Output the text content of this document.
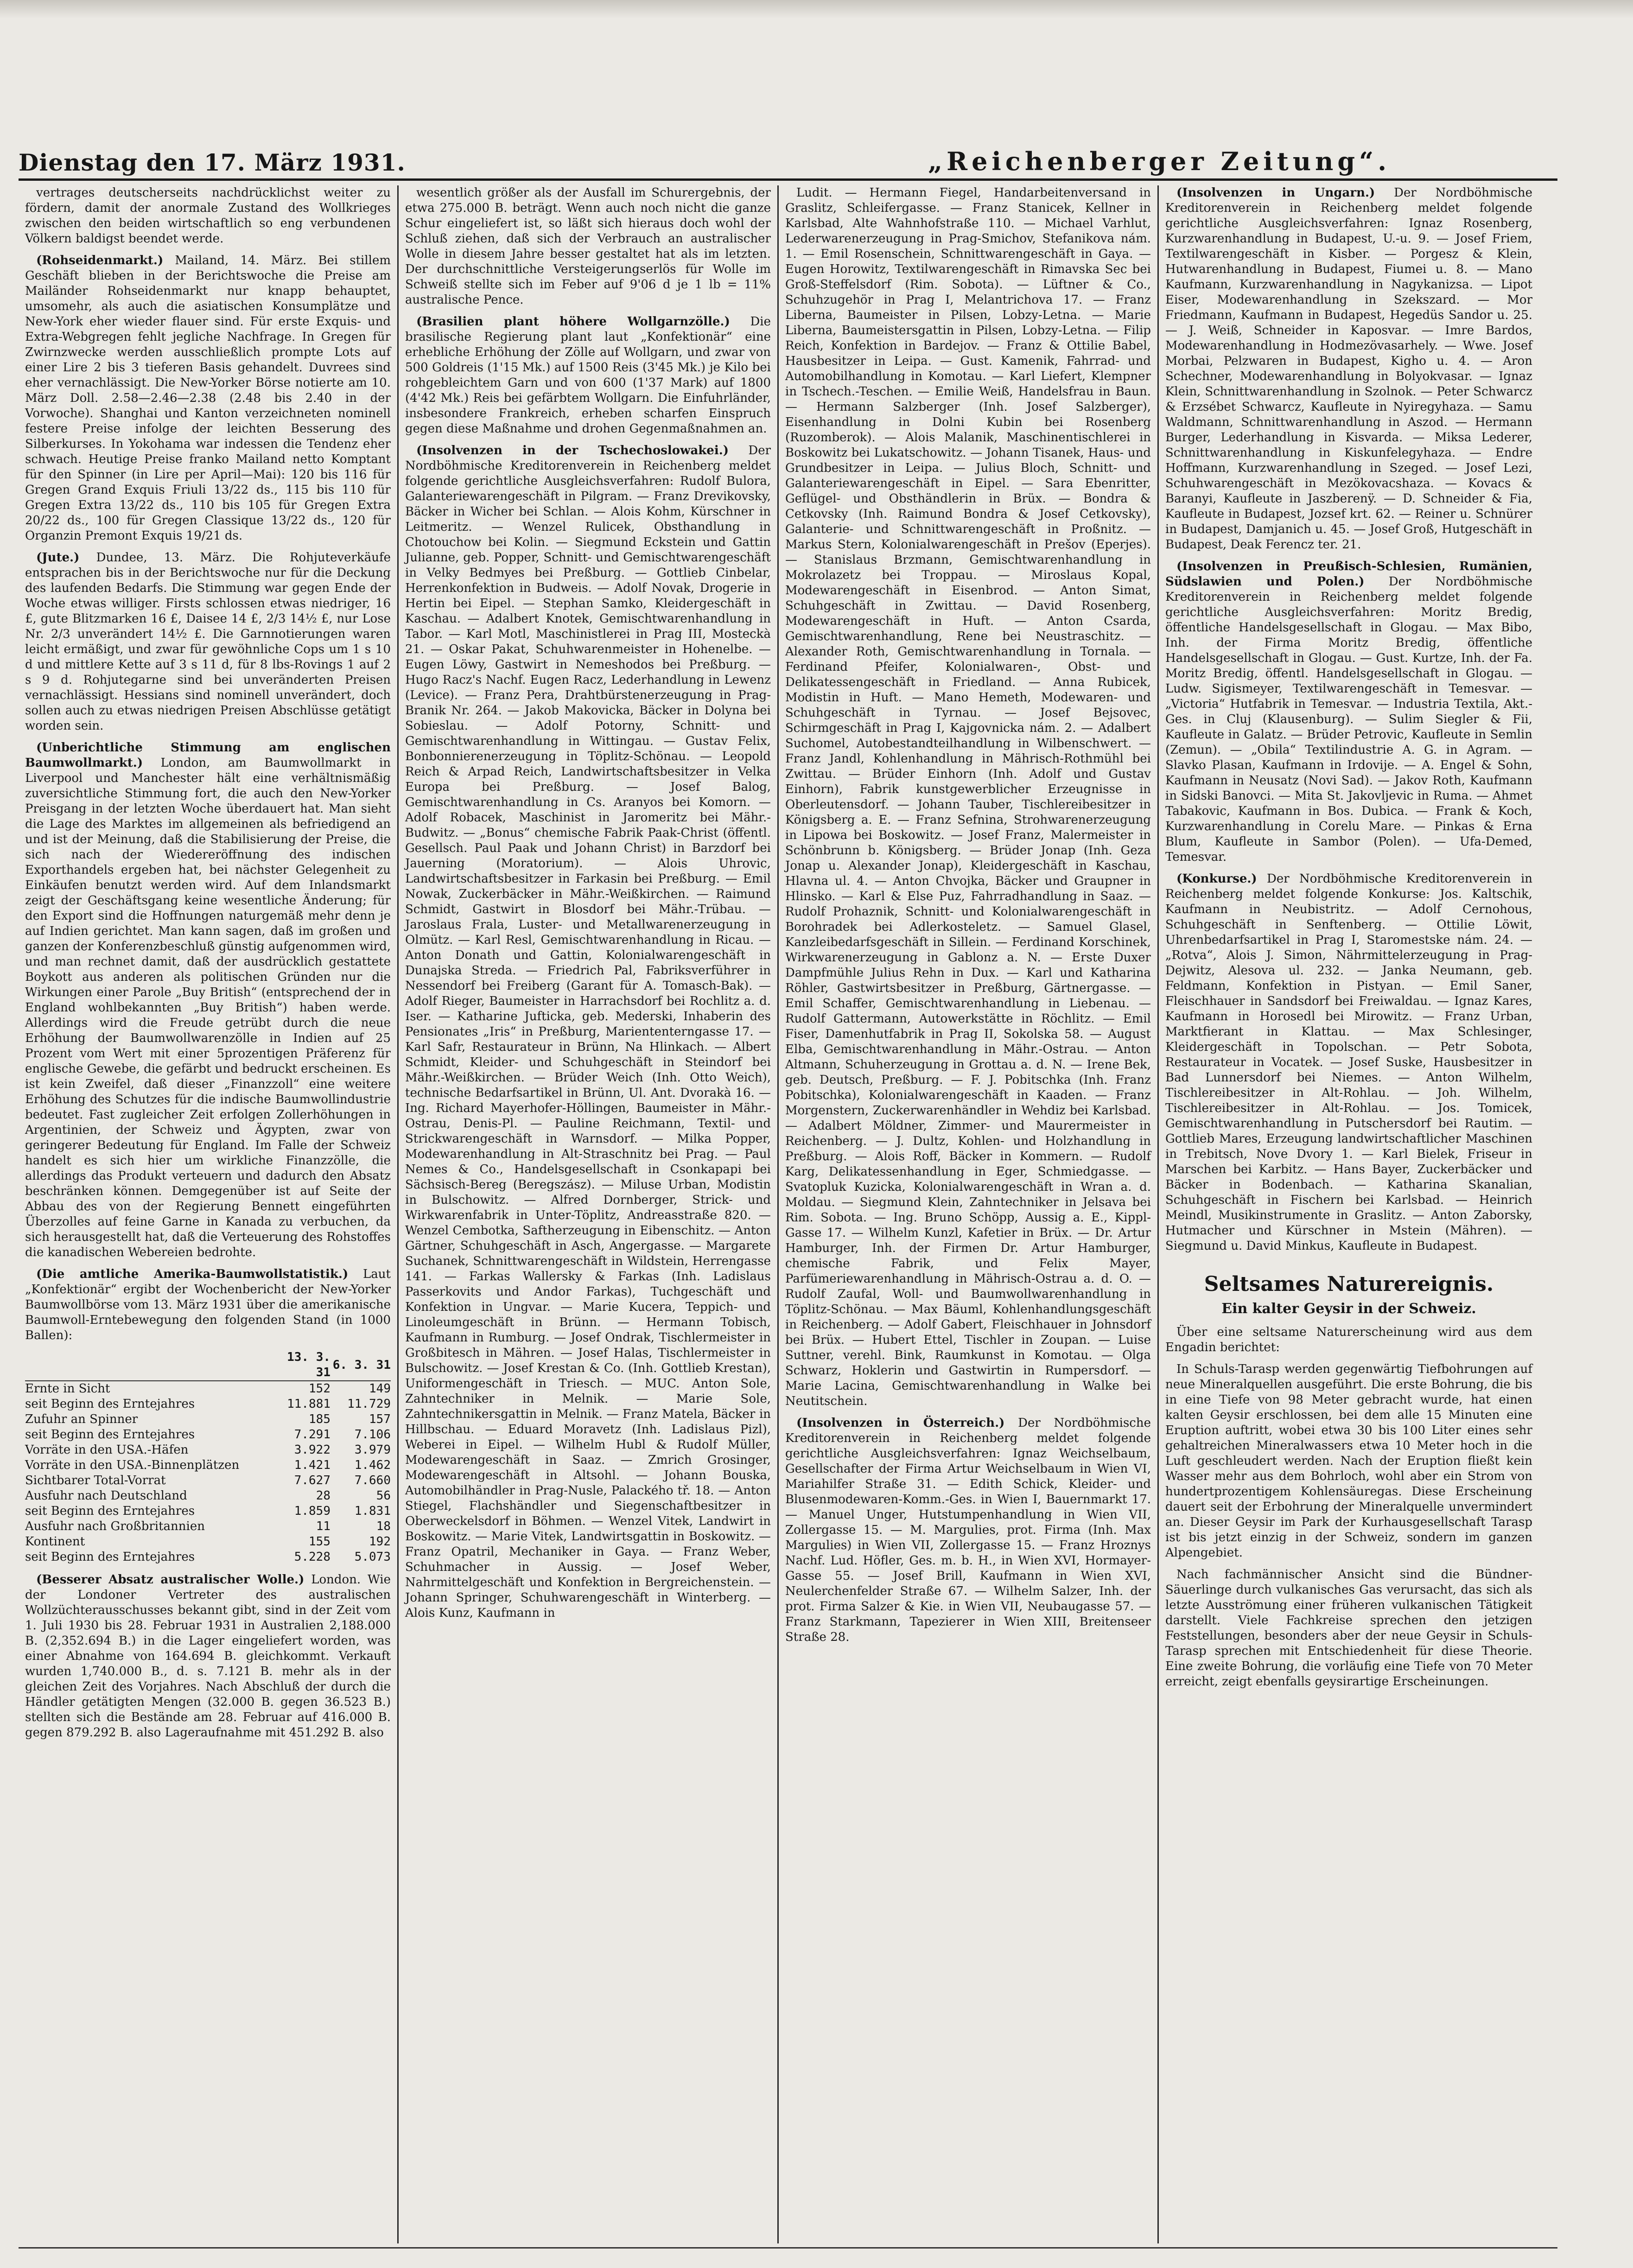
Dienstag den 17. März 1931.	„Reichenberger Zeitung“.

vertrages deutscherseits nachdrücklichst weiter zu fördern, damit der anormale Zustand des Wollkrieges zwischen den beiden wirtschaftlich so eng verbundenen Völkern baldigst beendet werde.

(Rohseidenmarkt.) Mailand, 14. März. Bei stillem Geschäft blieben in der Berichtswoche die Preise am Mailänder Rohseidenmarkt nur knapp behauptet, umsomehr, als auch die asiatischen Konsumplätze und New-York eher wieder flauer sind. Für erste Exquis- und Extra-Webgregen fehlt jegliche Nachfrage. In Gregen für Zwirnzwecke werden ausschließlich prompte Lots auf einer Lire 2 bis 3 tieferen Basis gehandelt. Duvrees sind eher vernachlässigt. Die New-Yorker Börse notierte am 10. März Doll. 2.58—2.46—2.38 (2.48 bis 2.40 in der Vorwoche). Shanghai und Kanton verzeichneten nominell festere Preise infolge der leichten Besserung des Silberkurses. In Yokohama war indessen die Tendenz eher schwach. Heutige Preise franko Mailand netto Komptant für den Spinner (in Lire per April—Mai): 120 bis 116 für Gregen Grand Exquis Friuli 13/22 ds., 115 bis 110 für Gregen Extra 13/22 ds., 110 bis 105 für Gregen Extra 20/22 ds., 100 für Gregen Classique 13/22 ds., 120 für Organzin Premont Exquis 19/21 ds.

(Jute.) Dundee, 13. März. Die Rohjuteverkäufe entsprachen bis in der Berichtswoche nur für die Deckung des laufenden Bedarfs. Die Stimmung war gegen Ende der Woche etwas williger. Firsts schlossen etwas niedriger, 16 £, gute Blitzmarken 16 £, Daisee 14 £, 2/3 14½ £, nur Lose Nr. 2/3 unverändert 14½ £. Die Garnnotierungen waren leicht ermäßigt, und zwar für gewöhnliche Cops um 1 s 10 d und mittlere Kette auf 3 s 11 d, für 8 lbs-Rovings 1 auf 2 s 9 d. Rohjutegarne sind bei unveränderten Preisen vernachlässigt. Hessians sind nominell unverändert, doch sollen auch zu etwas niedrigen Preisen Abschlüsse getätigt worden sein.

(Unberichtliche Stimmung am englischen Baumwollmarkt.) London, am Baumwollmarkt in Liverpool und Manchester hält eine verhältnismäßig zuversichtliche Stimmung fort, die auch den New-Yorker Preisgang in der letzten Woche überdauert hat. Man sieht die Lage des Marktes im allgemeinen als befriedigend an und ist der Meinung, daß die Stabilisierung der Preise, die sich nach der Wiedereröffnung des indischen Exporthandels ergeben hat, bei nächster Gelegenheit zu Einkäufen benutzt werden wird. Auf dem Inlandsmarkt zeigt der Geschäftsgang keine wesentliche Änderung; für den Export sind die Hoffnungen naturgemäß mehr denn je auf Indien gerichtet. Man kann sagen, daß im großen und ganzen der Konferenzbeschluß günstig aufgenommen wird, und man rechnet damit, daß der ausdrücklich gestattete Boykott aus anderen als politischen Gründen nur die Wirkungen einer Parole „Buy British“ (entsprechend der in England wohlbekannten „Buy British“) haben werde. Allerdings wird die Freude getrübt durch die neue Erhöhung der Baumwollwarenzölle in Indien auf 25 Prozent vom Wert mit einer 5prozentigen Präferenz für englische Gewebe, die gefärbt und bedruckt erscheinen. Es ist kein Zweifel, daß dieser „Finanzzoll“ eine weitere Erhöhung des Schutzes für die indische Baumwollindustrie bedeutet. Fast zugleicher Zeit erfolgen Zollerhöhungen in Argentinien, der Schweiz und Ägypten, zwar von geringerer Bedeutung für England. Im Falle der Schweiz handelt es sich hier um wirkliche Finanzzölle, die allerdings das Produkt verteuern und dadurch den Absatz beschränken können. Demgegenüber ist auf Seite der Abbau des von der Regierung Bennett eingeführten Überzolles auf feine Garne in Kanada zu verbuchen, da sich herausgestellt hat, daß die Verteuerung des Rohstoffes die kanadischen Webereien bedrohte.

(Die amtliche Amerika-Baumwollstatistik.) Laut „Konfektionär“ ergibt der Wochenbericht der New-Yorker Baumwollbörse vom 13. März 1931 über die amerikanische Baumwoll-Erntebewegung den folgenden Stand (in 1000 Ballen):

	13. 3. 31	6. 3. 31
Ernte in Sicht	152	149
seit Beginn des Erntejahres	11.881	11.729
Zufuhr an Spinner	185	157
seit Beginn des Erntejahres	7.291	7.106
Vorräte in den USA.-Häfen	3.922	3.979
Vorräte in den USA.-Binnenplätzen	1.421	1.462
Sichtbarer Total-Vorrat	7.627	7.660
Ausfuhr nach Deutschland	28	56
seit Beginn des Erntejahres	1.859	1.831
Ausfuhr nach Großbritannien	11	18
Kontinent	155	192
seit Beginn des Erntejahres	5.228	5.073

(Besserer Absatz australischer Wolle.) London. Wie der Londoner Vertreter des australischen Wollzüchterausschusses bekannt gibt, sind in der Zeit vom 1. Juli 1930 bis 28. Februar 1931 in Australien 2,188.000 B. (2,352.694 B.) in die Lager eingeliefert worden, was einer Abnahme von 164.694 B. gleichkommt. Verkauft wurden 1,740.000 B., d. s. 7.121 B. mehr als in der gleichen Zeit des Vorjahres. Nach Abschluß der durch die Händler getätigten Mengen (32.000 B. gegen 36.523 B.) stellten sich die Bestände am 28. Februar auf 416.000 B. gegen 879.292 B. also Lageraufnahme mit 451.292 B. also

wesentlich größer als der Ausfall im Schurergebnis, der etwa 275.000 B. beträgt. Wenn auch noch nicht die ganze Schur eingeliefert ist, so läßt sich hieraus doch wohl der Schluß ziehen, daß sich der Verbrauch an australischer Wolle in diesem Jahre besser gestaltet hat als im letzten. Der durchschnittliche Versteigerungserlös für Wolle im Schweiß stellte sich im Feber auf 9'06 d je 1 lb = 11% australische Pence.

(Brasilien plant höhere Wollgarnzölle.) Die brasilische Regierung plant laut „Konfektionär“ eine erhebliche Erhöhung der Zölle auf Wollgarn, und zwar von 500 Goldreis (1'15 Mk.) auf 1500 Reis (3'45 Mk.) je Kilo bei rohgebleichtem Garn und von 600 (1'37 Mark) auf 1800 (4'42 Mk.) Reis bei gefärbtem Wollgarn. Die Einfuhrländer, insbesondere Frankreich, erheben scharfen Einspruch gegen diese Maßnahme und drohen Gegenmaßnahmen an.

(Insolvenzen in der Tschechoslowakei.) Der Nordböhmische Kreditorenverein in Reichenberg meldet folgende gerichtliche Ausgleichsverfahren: Rudolf Bulora, Galanteriewarengeschäft in Pilgram. — Franz Drevikovsky, Bäcker in Wicher bei Schlan. — Alois Kohm, Kürschner in Leitmeritz. — Wenzel Rulicek, Obsthandlung in Chotouchow bei Kolin. — Siegmund Eckstein und Gattin Julianne, geb. Popper, Schnitt- und Gemischtwarengeschäft in Velky Bedmyes bei Preßburg. — Gottlieb Cinbelar, Herrenkonfektion in Budweis. — Adolf Novak, Drogerie in Hertin bei Eipel. — Stephan Samko, Kleidergeschäft in Kaschau. — Adalbert Knotek, Gemischtwarenhandlung in Tabor. — Karl Motl, Maschinistlerei in Prag III, Mosteckà 21. — Oskar Pakat, Schuhwarenmeister in Hohenelbe. — Eugen Löwy, Gastwirt in Nemeshodos bei Preßburg. — Hugo Racz's Nachf. Eugen Racz, Lederhandlung in Lewenz (Levice). — Franz Pera, Drahtbürstenerzeugung in Prag-Branik Nr. 264. — Jakob Makovicka, Bäcker in Dolyna bei Sobieslau. — Adolf Potorny, Schnitt- und Gemischtwarenhandlung in Wittingau. — Gustav Felix, Bonbonnierenerzeugung in Töplitz-Schönau. — Leopold Reich & Arpad Reich, Landwirtschaftsbesitzer in Velka Europa bei Preßburg. — Josef Balog, Gemischtwarenhandlung in Cs. Aranyos bei Komorn. — Adolf Robacek, Maschinist in Jaromeritz bei Mähr.-Budwitz. — „Bonus“ chemische Fabrik Paak-Christ (öffentl. Gesellsch. Paul Paak und Johann Christ) in Barzdorf bei Jauerning (Moratorium). — Alois Uhrovic, Landwirtschaftsbesitzer in Farkasin bei Preßburg. — Emil Nowak, Zuckerbäcker in Mähr.-Weißkirchen. — Raimund Schmidt, Gastwirt in Blosdorf bei Mähr.-Trübau. — Jaroslaus Frala, Luster- und Metallwarenerzeugung in Olmütz. — Karl Resl, Gemischtwarenhandlung in Ricau. — Anton Donath und Gattin, Kolonialwarengeschäft in Dunajska Streda. — Friedrich Pal, Fabriksverführer in Nessendorf bei Freiberg (Garant für A. Tomasch-Bak). — Adolf Rieger, Baumeister in Harrachsdorf bei Rochlitz a. d. Iser. — Katharine Jufticka, geb. Mederski, Inhaberin des Pensionates „Iris“ in Preßburg, Mariententerngasse 17. — Karl Safr, Restaurateur in Brünn, Na Hlinkach. — Albert Schmidt, Kleider- und Schuhgeschäft in Steindorf bei Mähr.-Weißkirchen. — Brüder Weich (Inh. Otto Weich), technische Bedarfsartikel in Brünn, Ul. Ant. Dvorakà 16. — Ing. Richard Mayerhofer-Höllingen, Baumeister in Mähr.-Ostrau, Denis-Pl. — Pauline Reichmann, Textil- und Strickwarengeschäft in Warnsdorf. — Milka Popper, Modewarenhandlung in Alt-Straschnitz bei Prag. — Paul Nemes & Co., Handelsgesellschaft in Csonkapapi bei Sächsisch-Bereg (Beregszász). — Miluse Urban, Modistin in Bulschowitz. — Alfred Dornberger, Strick- und Wirkwarenfabrik in Unter-Töplitz, Andreasstraße 820. — Wenzel Cembotka, Saftherzeugung in Eibenschitz. — Anton Gärtner, Schuhgeschäft in Asch, Angergasse. — Margarete Suchanek, Schnittwarengeschäft in Wildstein, Herrengasse 141. — Farkas Wallersky & Farkas (Inh. Ladislaus Passerkovits und Andor Farkas), Tuchgeschäft und Konfektion in Ungvar. — Marie Kucera, Teppich- und Linoleumgeschäft in Brünn. — Hermann Tobisch, Kaufmann in Rumburg. — Josef Ondrak, Tischlermeister in Großbitesch in Mähren. — Josef Halas, Tischlermeister in Bulschowitz. — Josef Krestan & Co. (Inh. Gottlieb Krestan), Uniformengeschäft in Triesch. — MUC. Anton Sole, Zahntechniker in Melnik. — Marie Sole, Zahntechnikersgattin in Melnik. — Franz Matela, Bäcker in Hillbschau. — Eduard Moravetz (Inh. Ladislaus Pizl), Weberei in Eipel. — Wilhelm Hubl & Rudolf Müller, Modewarengeschäft in Saaz. — Zmrich Grosinger, Modewarengeschäft in Altsohl. — Johann Bouska, Automobilhändler in Prag-Nusle, Palackého tř. 18. — Anton Stiegel, Flachshändler und Siegenschaftbesitzer in Oberweckelsdorf in Böhmen. — Wenzel Vitek, Landwirt in Boskowitz. — Marie Vitek, Landwirtsgattin in Boskowitz. — Franz Opatril, Mechaniker in Gaya. — Franz Weber, Schuhmacher in Aussig. — Josef Weber, Nahrmittelgeschäft und Konfektion in Bergreichenstein. — Johann Springer, Schuhwarengeschäft in Winterberg. — Alois Kunz, Kaufmann in

Ludit. — Hermann Fiegel, Handarbeitenversand in Graslitz, Schleifergasse. — Franz Stanicek, Kellner in Karlsbad, Alte Wahnhofstraße 110. — Michael Varhlut, Lederwarenerzeugung in Prag-Smichov, Stefanikova nám. 1. — Emil Rosenschein, Schnittwarengeschäft in Gaya. — Eugen Horowitz, Textilwarengeschäft in Rimavska Sec bei Groß-Steffelsdorf (Rim. Sobota). — Lüftner & Co., Schuhzugehör in Prag I, Melantrichova 17. — Franz Liberna, Baumeister in Pilsen, Lobzy-Letna. — Marie Liberna, Baumeistersgattin in Pilsen, Lobzy-Letna. — Filip Reich, Konfektion in Bardejov. — Franz & Ottilie Babel, Hausbesitzer in Leipa. — Gust. Kamenik, Fahrrad- und Automobilhandlung in Komotau. — Karl Liefert, Klempner in Tschech.-Teschen. — Emilie Weiß, Handelsfrau in Baun. — Hermann Salzberger (Inh. Josef Salzberger), Eisenhandlung in Dolni Kubin bei Rosenberg (Ruzomberok). — Alois Malanik, Maschinentischlerei in Boskowitz bei Lukatschowitz. — Johann Tisanek, Haus- und Grundbesitzer in Leipa. — Julius Bloch, Schnitt- und Galanteriewarengeschäft in Eipel. — Sara Ebenritter, Geflügel- und Obsthändlerin in Brüx. — Bondra & Cetkovsky (Inh. Raimund Bondra & Josef Cetkovsky), Galanterie- und Schnittwarengeschäft in Proßnitz. — Markus Stern, Kolonialwarengeschäft in Prešov (Eperjes). — Stanislaus Brzmann, Gemischtwarenhandlung in Mokrolazetz bei Troppau. — Miroslaus Kopal, Modewarengeschäft in Eisenbrod. — Anton Simat, Schuhgeschäft in Zwittau. — David Rosenberg, Modewarengeschäft in Huft. — Anton Csarda, Gemischtwarenhandlung, Rene bei Neustraschitz. — Alexander Roth, Gemischtwarenhandlung in Tornala. — Ferdinand Pfeifer, Kolonialwaren-, Obst- und Delikatessengeschäft in Friedland. — Anna Rubicek, Modistin in Huft. — Mano Hemeth, Modewaren- und Schuhgeschäft in Tyrnau. — Josef Bejsovec, Schirmgeschäft in Prag I, Kajgovnicka nám. 2. — Adalbert Suchomel, Autobestandteilhandlung in Wilbenschwert. — Franz Jandl, Kohlenhandlung in Mährisch-Rothmühl bei Zwittau. — Brüder Einhorn (Inh. Adolf und Gustav Einhorn), Fabrik kunstgewerblicher Erzeugnisse in Oberleutensdorf. — Johann Tauber, Tischlereibesitzer in Königsberg a. E. — Franz Sefnina, Strohwarenerzeugung in Lipowa bei Boskowitz. — Josef Franz, Malermeister in Schönbrunn b. Königsberg. — Brüder Jonap (Inh. Geza Jonap u. Alexander Jonap), Kleidergeschäft in Kaschau, Hlavna ul. 4. — Anton Chvojka, Bäcker und Graupner in Hlinsko. — Karl & Else Puz, Fahrradhandlung in Saaz. — Rudolf Prohaznik, Schnitt- und Kolonialwarengeschäft in Borohradek bei Adlerkosteletz. — Samuel Glasel, Kanzleibedarfsgeschäft in Sillein. — Ferdinand Korschinek, Wirkwarenerzeugung in Gablonz a. N. — Erste Duxer Dampfmühle Julius Rehn in Dux. — Karl und Katharina Röhler, Gastwirtsbesitzer in Preßburg, Gärtnergasse. — Emil Schaffer, Gemischtwarenhandlung in Liebenau. — Rudolf Gattermann, Autowerkstätte in Röchlitz. — Emil Fiser, Damenhutfabrik in Prag II, Sokolska 58. — August Elba, Gemischtwarenhandlung in Mähr.-Ostrau. — Anton Altmann, Schuherzeugung in Grottau a. d. N. — Irene Bek, geb. Deutsch, Preßburg. — F. J. Pobitschka (Inh. Franz Pobitschka), Kolonialwarengeschäft in Kaaden. — Franz Morgenstern, Zuckerwarenhändler in Wehdiz bei Karlsbad. — Adalbert Möldner, Zimmer- und Maurermeister in Reichenberg. — J. Dultz, Kohlen- und Holzhandlung in Preßburg. — Alois Roff, Bäcker in Kommern. — Rudolf Karg, Delikatessenhandlung in Eger, Schmiedgasse. — Svatopluk Kuzicka, Kolonialwarengeschäft in Wran a. d. Moldau. — Siegmund Klein, Zahntechniker in Jelsava bei Rim. Sobota. — Ing. Bruno Schöpp, Aussig a. E., Kippl-Gasse 17. — Wilhelm Kunzl, Kafetier in Brüx. — Dr. Artur Hamburger, Inh. der Firmen Dr. Artur Hamburger, chemische Fabrik, und Felix Mayer, Parfümeriewarenhandlung in Mährisch-Ostrau a. d. O. — Rudolf Zaufal, Woll- und Baumwollwarenhandlung in Töplitz-Schönau. — Max Bäuml, Kohlenhandlungsgeschäft in Reichenberg. — Adolf Gabert, Fleischhauer in Johnsdorf bei Brüx. — Hubert Ettel, Tischler in Zoupan. — Luise Suttner, verehl. Bink, Raumkunst in Komotau. — Olga Schwarz, Hoklerin und Gastwirtin in Rumpersdorf. — Marie Lacina, Gemischtwarenhandlung in Walke bei Neutitschein.

(Insolvenzen in Österreich.) Der Nordböhmische Kreditorenverein in Reichenberg meldet folgende gerichtliche Ausgleichsverfahren: Ignaz Weichselbaum, Gesellschafter der Firma Artur Weichselbaum in Wien VI, Mariahilfer Straße 31. — Edith Schick, Kleider- und Blusenmodewaren-Komm.-Ges. in Wien I, Bauernmarkt 17. — Manuel Unger, Hutstumpenhandlung in Wien VII, Zollergasse 15. — M. Margulies, prot. Firma (Inh. Max Margulies) in Wien VII, Zollergasse 15. — Franz Hroznys Nachf. Lud. Höfler, Ges. m. b. H., in Wien XVI, Hormayer-Gasse 55. — Josef Brill, Kaufmann in Wien XVI, Neulerchenfelder Straße 67. — Wilhelm Salzer, Inh. der prot. Firma Salzer & Kie. in Wien VII, Neubaugasse 57. — Franz Starkmann, Tapezierer in Wien XIII, Breitenseer Straße 28.

(Insolvenzen in Ungarn.) Der Nordböhmische Kreditorenverein in Reichenberg meldet folgende gerichtliche Ausgleichsverfahren: Ignaz Rosenberg, Kurzwarenhandlung in Budapest, U.-u. 9. — Josef Friem, Textilwarengeschäft in Kisber. — Porgesz & Klein, Hutwarenhandlung in Budapest, Fiumei u. 8. — Mano Kaufmann, Kurzwarenhandlung in Nagykanizsa. — Lipot Eiser, Modewarenhandlung in Szekszard. — Mor Friedmann, Kaufmann in Budapest, Hegedüs Sandor u. 25. — J. Weiß, Schneider in Kaposvar. — Imre Bardos, Modewarenhandlung in Hodmezövasarhely. — Wwe. Josef Morbai, Pelzwaren in Budapest, Kigho u. 4. — Aron Schechner, Modewarenhandlung in Bolyokvasar. — Ignaz Klein, Schnittwarenhandlung in Szolnok. — Peter Schwarcz & Erzsébet Schwarcz, Kaufleute in Nyiregyhaza. — Samu Waldmann, Schnittwarenhandlung in Aszod. — Hermann Burger, Lederhandlung in Kisvarda. — Miksa Lederer, Schnittwarenhandlung in Kiskunfelegyhaza. — Endre Hoffmann, Kurzwarenhandlung in Szeged. — Josef Lezi, Schuhwarengeschäft in Mezökovacshaza. — Kovacs & Baranyi, Kaufleute in Jaszberenÿ. — D. Schneider & Fia, Kaufleute in Budapest, Jozsef krt. 62. — Reiner u. Schnürer in Budapest, Damjanich u. 45. — Josef Groß, Hutgeschäft in Budapest, Deak Ferencz ter. 21.

(Insolvenzen in Preußisch-Schlesien, Rumänien, Südslawien und Polen.) Der Nordböhmische Kreditorenverein in Reichenberg meldet folgende gerichtliche Ausgleichsverfahren: Moritz Bredig, öffentliche Handelsgesellschaft in Glogau. — Max Bibo, Inh. der Firma Moritz Bredig, öffentliche Handelsgesellschaft in Glogau. — Gust. Kurtze, Inh. der Fa. Moritz Bredig, öffentl. Handelsgesellschaft in Glogau. — Ludw. Sigismeyer, Textilwarengeschäft in Temesvar. — „Victoria“ Hutfabrik in Temesvar. — Industria Textila, Akt.-Ges. in Cluj (Klausenburg). — Sulim Siegler & Fii, Kaufleute in Galatz. — Brüder Petrovic, Kaufleute in Semlin (Zemun). — „Obila“ Textilindustrie A. G. in Agram. — Slavko Plasan, Kaufmann in Irdovije. — A. Engel & Sohn, Kaufmann in Neusatz (Novi Sad). — Jakov Roth, Kaufmann in Sidski Banovci. — Mita St. Jakovljevic in Ruma. — Ahmet Tabakovic, Kaufmann in Bos. Dubica. — Frank & Koch, Kurzwarenhandlung in Corelu Mare. — Pinkas & Erna Blum, Kaufleute in Sambor (Polen). — Ufa-Demed, Temesvar.

(Konkurse.) Der Nordböhmische Kreditorenverein in Reichenberg meldet folgende Konkurse: Jos. Kaltschik, Kaufmann in Neubistritz. — Adolf Cernohous, Schuhgeschäft in Senftenberg. — Ottilie Löwit, Uhrenbedarfsartikel in Prag I, Staromestske nám. 24. — „Rotva“, Alois J. Simon, Nährmittelerzeugung in Prag-Dejwitz, Alesova ul. 232. — Janka Neumann, geb. Feldmann, Konfektion in Pistyan. — Emil Saner, Fleischhauer in Sandsdorf bei Freiwaldau. — Ignaz Kares, Kaufmann in Horosedl bei Mirowitz. — Franz Urban, Marktfierant in Klattau. — Max Schlesinger, Kleidergeschäft in Topolschan. — Petr Sobota, Restaurateur in Vocatek. — Josef Suske, Hausbesitzer in Bad Lunnersdorf bei Niemes. — Anton Wilhelm, Tischlereibesitzer in Alt-Rohlau. — Joh. Wilhelm, Tischlereibesitzer in Alt-Rohlau. — Jos. Tomicek, Gemischtwarenhandlung in Putschersdorf bei Rautim. — Gottlieb Mares, Erzeugung landwirtschaftlicher Maschinen in Trebitsch, Nove Dvory 1. — Karl Bielek, Friseur in Marschen bei Karbitz. — Hans Bayer, Zuckerbäcker und Bäcker in Bodenbach. — Katharina Skanalian, Schuhgeschäft in Fischern bei Karlsbad. — Heinrich Meindl, Musikinstrumente in Graslitz. — Anton Zaborsky, Hutmacher und Kürschner in Mstein (Mähren). — Siegmund u. David Minkus, Kaufleute in Budapest.

Seltsames Naturereignis.
Ein kalter Geysir in der Schweiz.

Über eine seltsame Naturerscheinung wird aus dem Engadin berichtet:

In Schuls-Tarasp werden gegenwärtig Tiefbohrungen auf neue Mineralquellen ausgeführt. Die erste Bohrung, die bis in eine Tiefe von 98 Meter gebracht wurde, hat einen kalten Geysir erschlossen, bei dem alle 15 Minuten eine Eruption auftritt, wobei etwa 30 bis 100 Liter eines sehr gehaltreichen Mineralwassers etwa 10 Meter hoch in die Luft geschleudert werden. Nach der Eruption fließt kein Wasser mehr aus dem Bohrloch, wohl aber ein Strom von hundertprozentigem Kohlensäuregas. Diese Erscheinung dauert seit der Erbohrung der Mineralquelle unvermindert an. Dieser Geysir im Park der Kurhausgesellschaft Tarasp ist bis jetzt einzig in der Schweiz, sondern im ganzen Alpengebiet.

Nach fachmännischer Ansicht sind die Bündner-Säuerlinge durch vulkanisches Gas verursacht, das sich als letzte Ausströmung einer früheren vulkanischen Tätigkeit darstellt. Viele Fachkreise sprechen den jetzigen Feststellungen, besonders aber der neue Geysir in Schuls-Tarasp sprechen mit Entschiedenheit für diese Theorie. Eine zweite Bohrung, die vorläufig eine Tiefe von 70 Meter erreicht, zeigt ebenfalls geysirartige Erscheinungen.
